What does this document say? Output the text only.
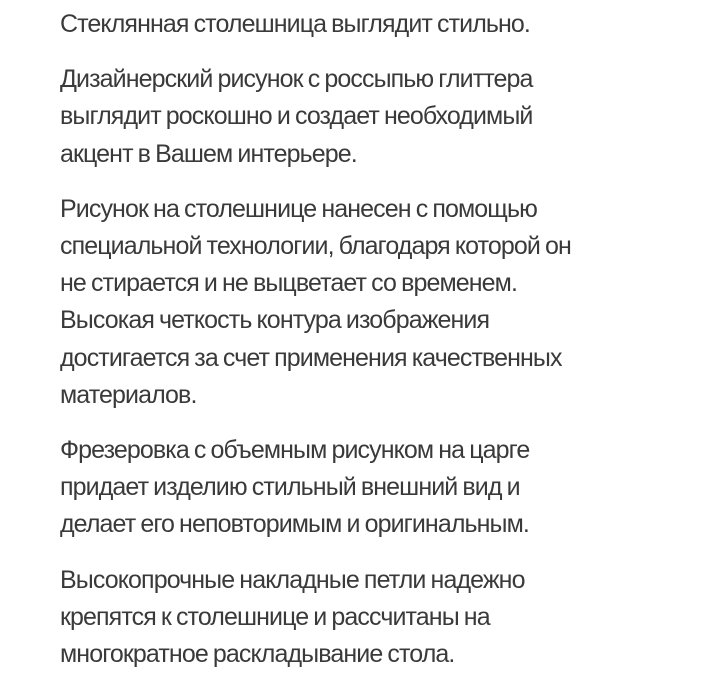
Стеклянная столешница выглядит стильно.

Дизайнерский рисунок с россыпью глиттера
выглядит роскошно и создает необходимый
акцент в Вашем интерьере.

Рисунок на столешнице нанесен с помощью
специальной технологии, благодаря которой он
не стирается и не выцветает со временем.
Высокая четкость контура изображения
достигается за счет применения качественных
материалов.

Фрезеровка с объемным рисунком на царге
придает изделию стильный внешний вид и
делает его неповторимым и оригинальным.

Высокопрочные накладные петли надежно
крепятся к столешнице и рассчитаны на
многократное раскладывание стола.
